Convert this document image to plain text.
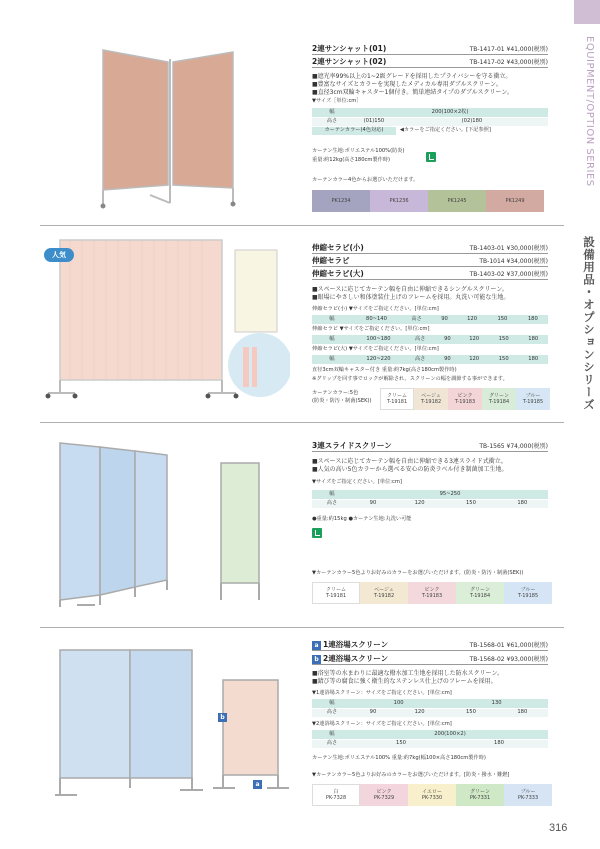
EQUIPMENT/OPTION SERIES
設備用品・オプションシリーズ
316
2連サンシャット(01)	TB-1417-01 ¥41,000(税別)
2連サンシャット(02)	TB-1417-02 ¥43,000(税別)
■遮光率99%以上の1~2級グレードを採用したプライバシーを守る衝立。
■豊富なサイズとカラーを実現したメディカル専用ダブルスクリーン。
■直径3cm双輪キャスター1個付き。簡単連結タイプのダブルスクリーン。
▼サイズ［単位:cm］
幅	200(100×2枚)	
高さ	(01)150	(02)180
カーテンカラー(4色対応)		◀カラーをご指定ください。[下記参照]
カーテン生地:ポリエステル100%(防炎)
重量:約12kg(高さ180cm製作時)
カーテンカラー4色からお選びいただけます。
PK1234	PK1236	PK1245	PK1249
人気
伸縮セラピ(小)	TB-1403-01 ¥30,000(税別)
伸縮セラピ	TB-1014 ¥34,000(税別)
伸縮セラピ(大)	TB-1403-02 ¥37,000(税別)
■スペースに応じてカーテン幅を自由に伸縮できるシングルスクリーン。
■眼場にやさしい和体塗装仕上げのフレームを採用。丸洗い可能な生地。
伸縮セラピ(小) ▼サイズをご指定ください。[単位:cm]
幅	80~140	高さ	90	120	150	180
伸縮セラピ ▼サイズをご指定ください。[単位:cm]
幅	100~180	高さ	90	120	150	180
伸縮セラピ(大) ▼サイズをご指定ください。[単位:cm]
幅	120~220	高さ	90	120	150	180
直径3cm双輪キャスター付き 重量:約7kg(高さ180cm製作時)
※グリップを回す事でロックが解除され、スクリーンの幅を調節する事ができます。
カーテンカラー:5色
(防炎・防汚・制菌(SEK))
クリーム
T-19181
ベージュ
T-19182
ピンク
T-19183
グリーン
T-19184
ブルー
T-19185
3連スライドスクリーン	TB-1565 ¥74,000(税別)
■スペースに応じてカーテン幅を自由に伸縮できる3連スライド式衝立。
■人気の高い5色カラーから選べる安心の防炎ラベル付き制菌加工生地。
▼サイズをご指定ください。[単位:cm]
幅	95~250			
高さ	90	120	150	180
●重量:約15kg ●カーテン生地:丸洗い可能
▼カーテンカラー5色よりお好みのカラーをお選びいただけます。(防炎・防汚・制菌(SEK))
クリーム
T-19181
ベージュ
T-19182
ピンク
T-19183
グリーン
T-19184
ブルー
T-19185
b
a
a 1連浴場スクリーン	TB-1568-01 ¥61,000(税別)
b 2連浴場スクリーン	TB-1568-02 ¥93,000(税別)
■浴室等の水まわりに最適な撥水加工生地を採用した防水スクリーン。
■錆び等の腐食に強く衛生的なステンレス仕上げのフレームを採用。
▼1連浴場スクリーン：サイズをご指定ください。[単位:cm]
幅	100		130	
高さ	90	120	150	180
▼2連浴場スクリーン：サイズをご指定ください。[単位:cm]
幅	200(100×2)	
高さ	150	180
カーテン生地:ポリエステル100% 重量:約7kg(幅100×高さ180cm製作時)
▼カーテンカラー5色よりお好みのカラーをお選びいただけます。[防炎・撥水・難燃]
白
PK-7328
ピンク
PK-7329
イエロー
PK-7330
グリーン
PK-7331
ブルー
PK-7333
